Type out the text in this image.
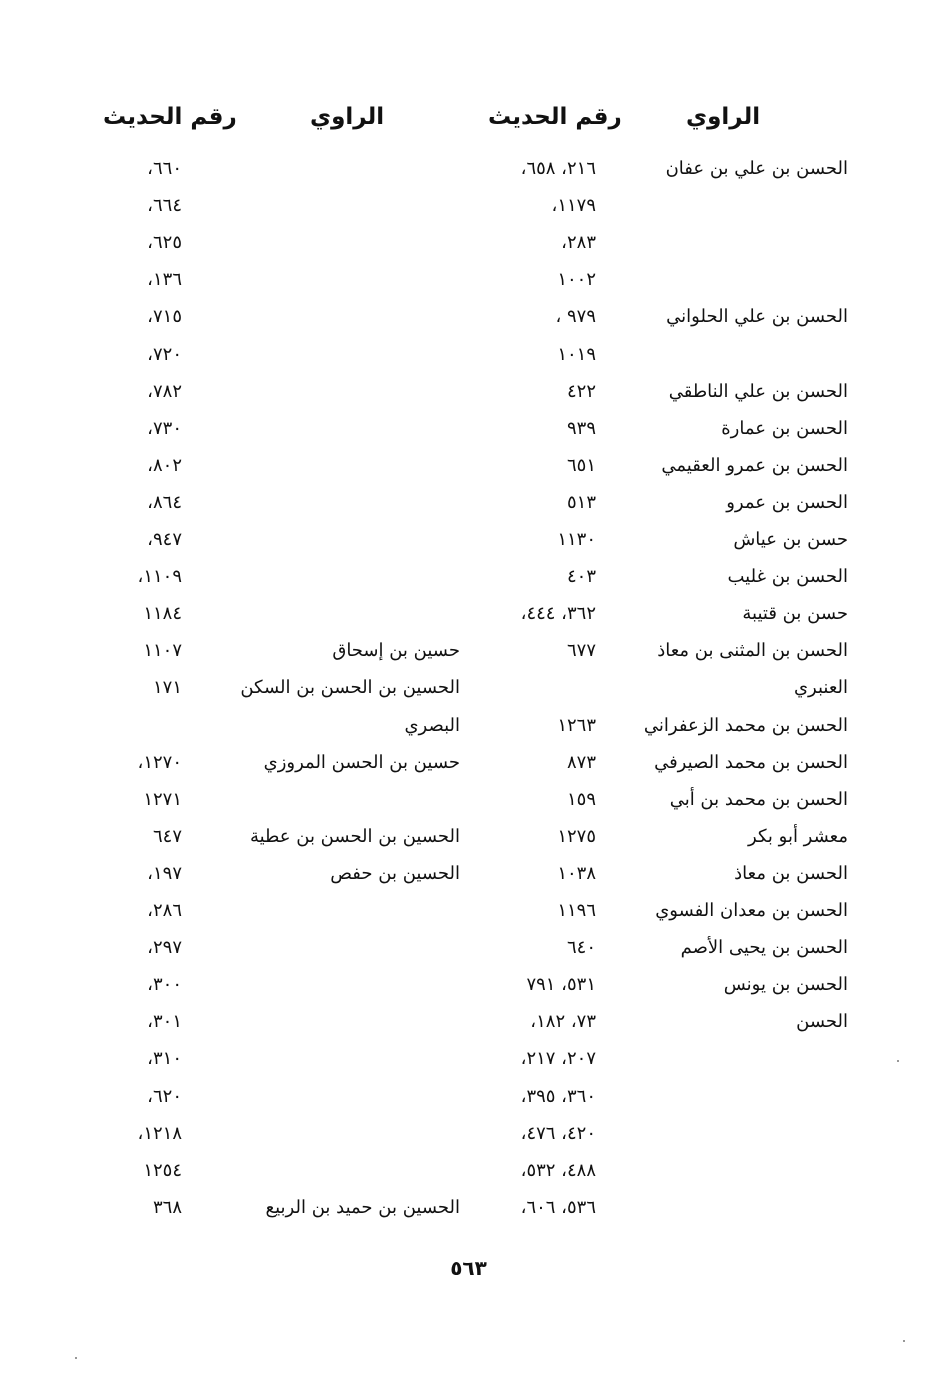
الراوي
رقم الحديث
الراوي
رقم الحديث
الحسن بن علي بن عفان
٢١٦، ٦٥٨،
٦٦٠،
١١٧٩،
٦٦٤،
٢٨٣،
٦٢٥،
١٠٠٢
١٣٦،
الحسن بن علي الحلواني
٩٧٩ ،
٧١٥،
١٠١٩
٧٢٠،
الحسن بن علي الناطقي
٤٢٢
٧٨٢،
الحسن بن عمارة
٩٣٩
٧٣٠،
الحسن بن عمرو العقيمي
٦٥١
٨٠٢،
الحسن بن عمرو
٥١٣
٨٦٤،
حسن بن عياش
١١٣٠
٩٤٧،
الحسن بن غليب
٤٠٣
١١٠٩،
حسن بن قتيبة
٣٦٢، ٤٤٤،
١١٨٤
الحسن بن المثنى بن معاذ
٦٧٧
حسين بن إسحاق
١١٠٧
العنبري
الحسين بن الحسن بن السكن
١٧١
الحسن بن محمد الزعفراني
١٢٦٣
البصري
الحسن بن محمد الصيرفي
٨٧٣
حسين بن الحسن المروزي
١٢٧٠،
الحسن بن محمد بن أبي
١٥٩
١٢٧١
معشر أبو بكر
١٢٧٥
الحسين بن الحسن بن عطية
٦٤٧
الحسن بن معاذ
١٠٣٨
الحسين بن حفص
١٩٧،
الحسن بن معدان الفسوي
١١٩٦
٢٨٦،
الحسن بن يحيى الأصم
٦٤٠
٢٩٧،
الحسن بن يونس
٥٣١، ٧٩١
٣٠٠،
الحسن
٧٣، ١٨٢،
٣٠١،
٢٠٧، ٢١٧،
٣١٠،
٣٦٠، ٣٩٥،
٦٢٠،
٤٢٠، ٤٧٦،
١٢١٨،
٤٨٨، ٥٣٢،
١٢٥٤
٥٣٦، ٦٠٦،
الحسين بن حميد بن الربيع
٣٦٨
٥٦٣
